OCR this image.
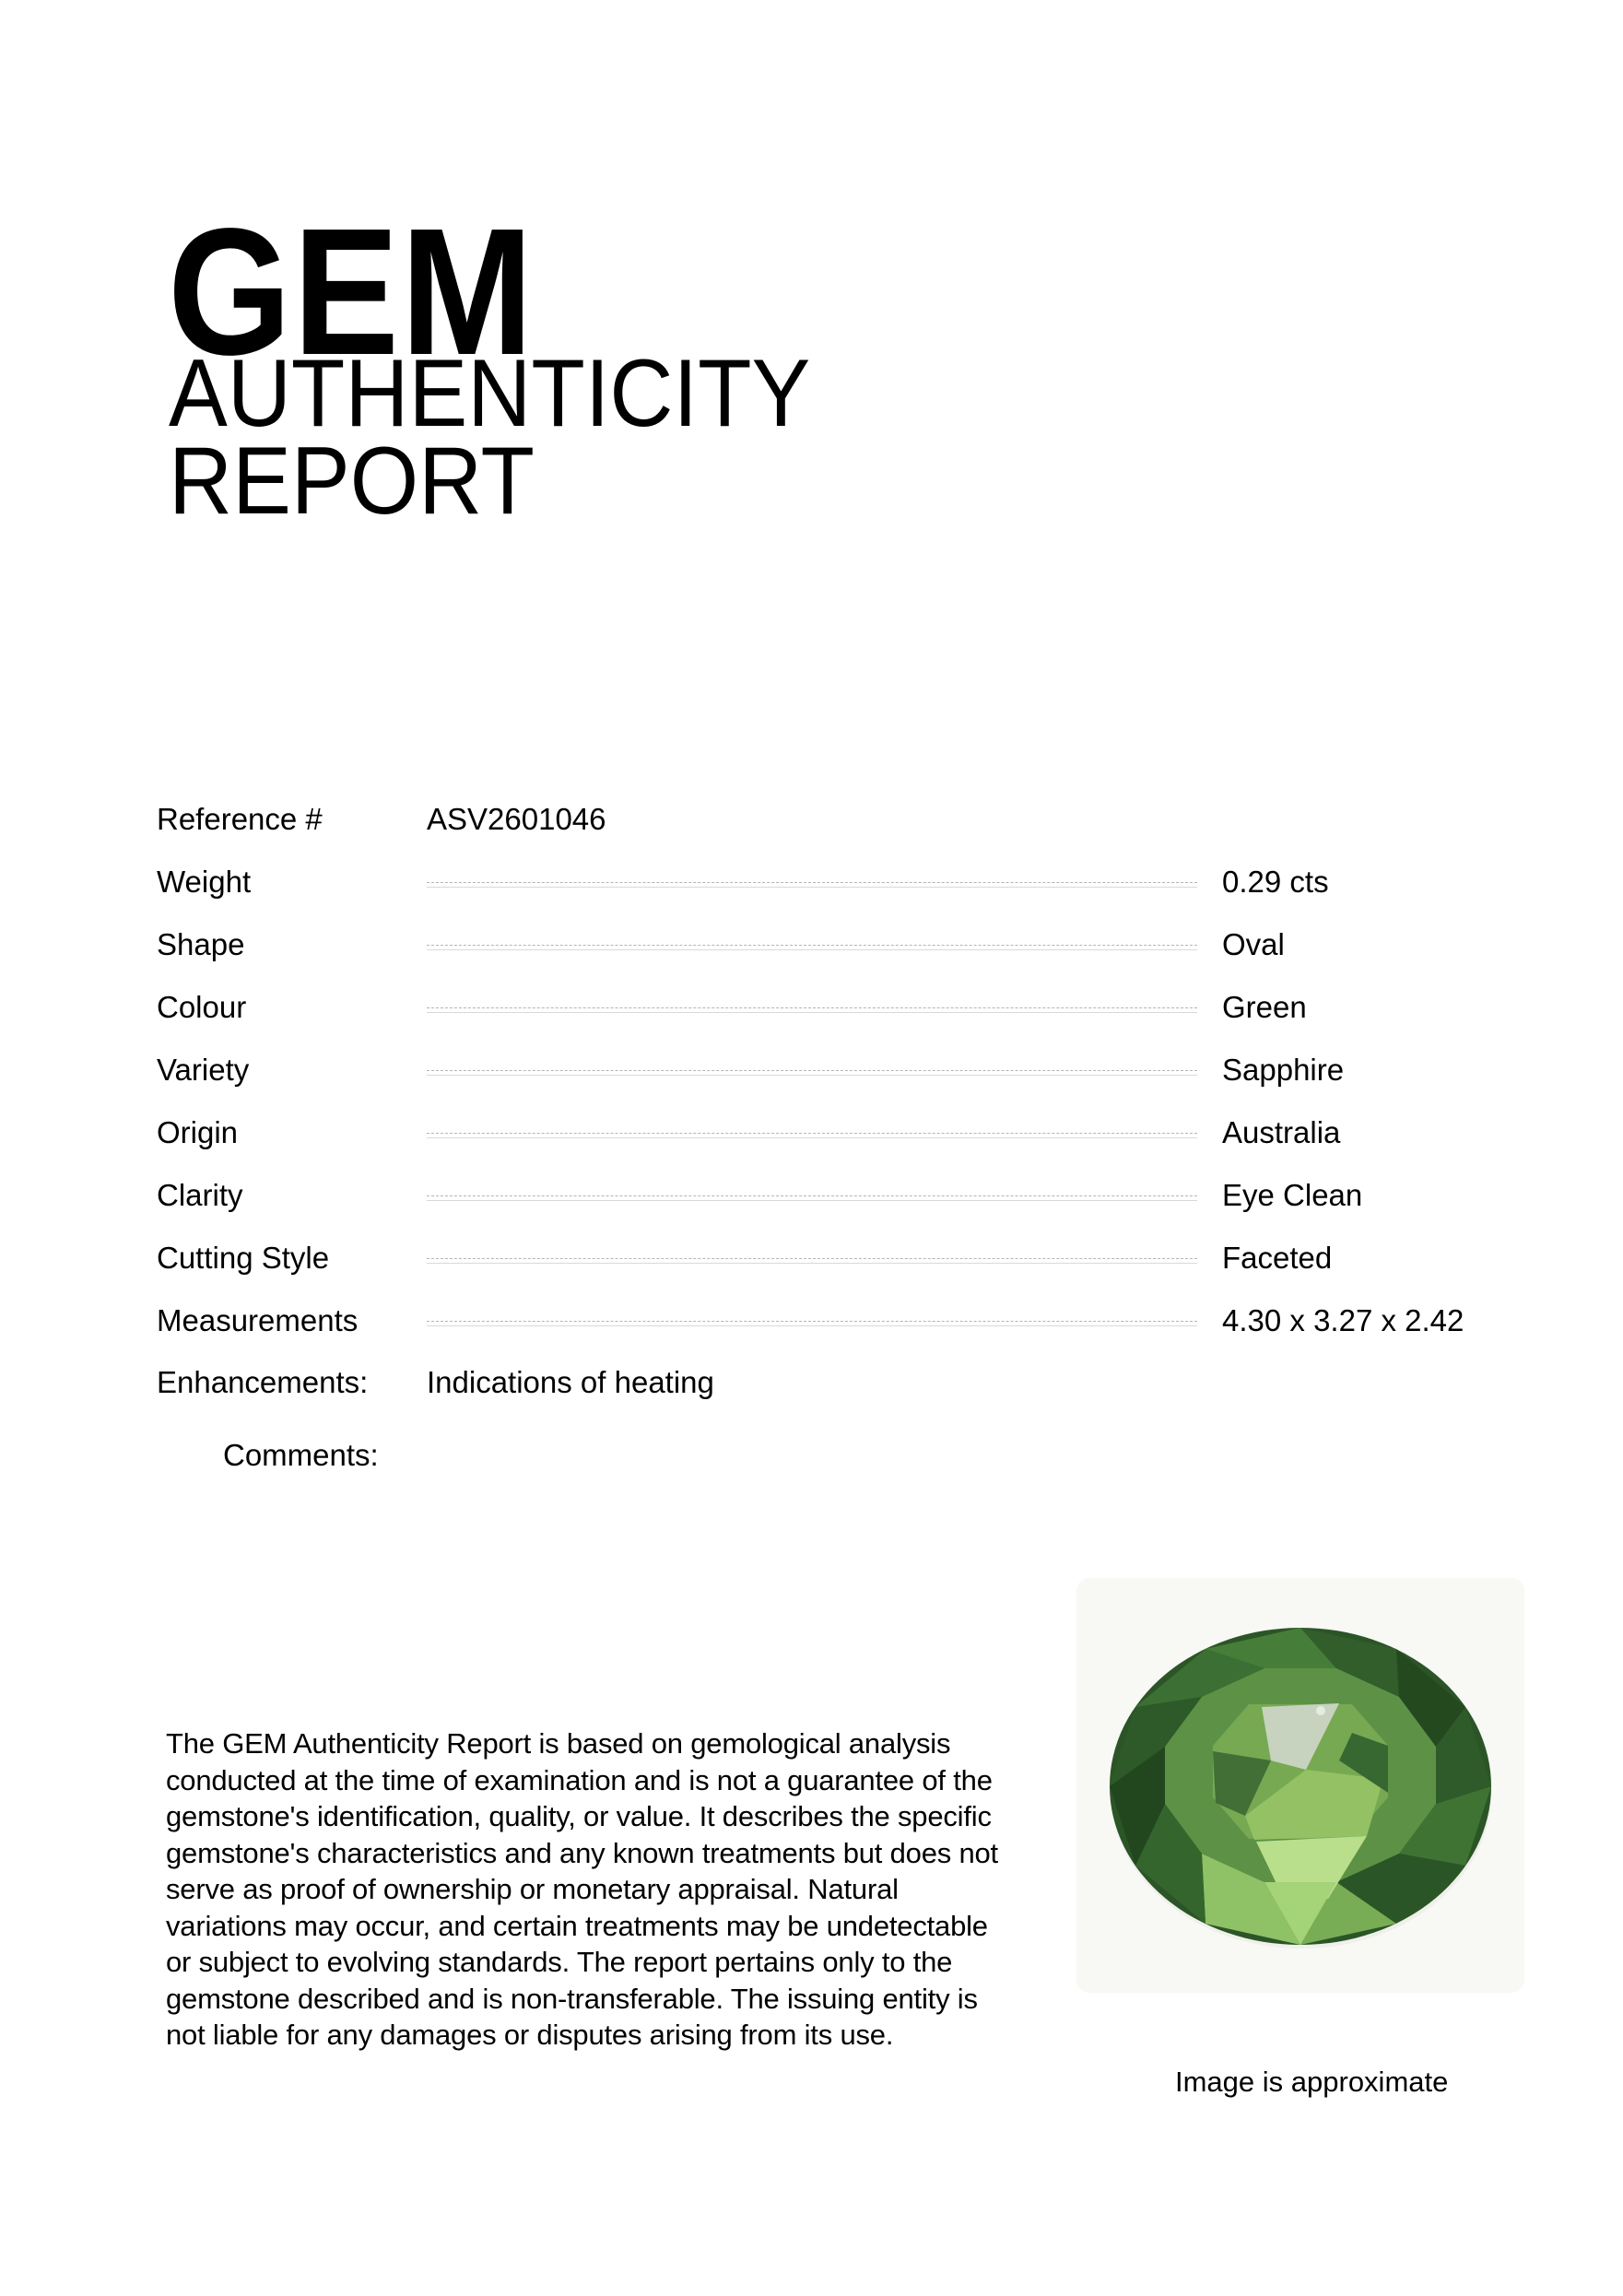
GEM
AUTHENTICITY
REPORT
Reference #	ASV2601046
Weight	0.29 cts
Shape	Oval
Colour	Green
Variety	Sapphire
Origin	Australia
Clarity	Eye Clean
Cutting Style	Faceted
Measurements	4.30 x 3.27 x 2.42
Enhancements:	Indications of heating
Comments:
The GEM Authenticity Report is based on gemological analysis conducted at the time of examination and is not a guarantee of the gemstone's identification, quality, or value. It describes the specific gemstone's characteristics and any known treatments but does not serve as proof of ownership or monetary appraisal. Natural variations may occur, and certain treatments may be undetectable or subject to evolving standards. The report pertains only to the gemstone described and is non-transferable. The issuing entity is not liable for any damages or disputes arising from its use.
Image is approximate
